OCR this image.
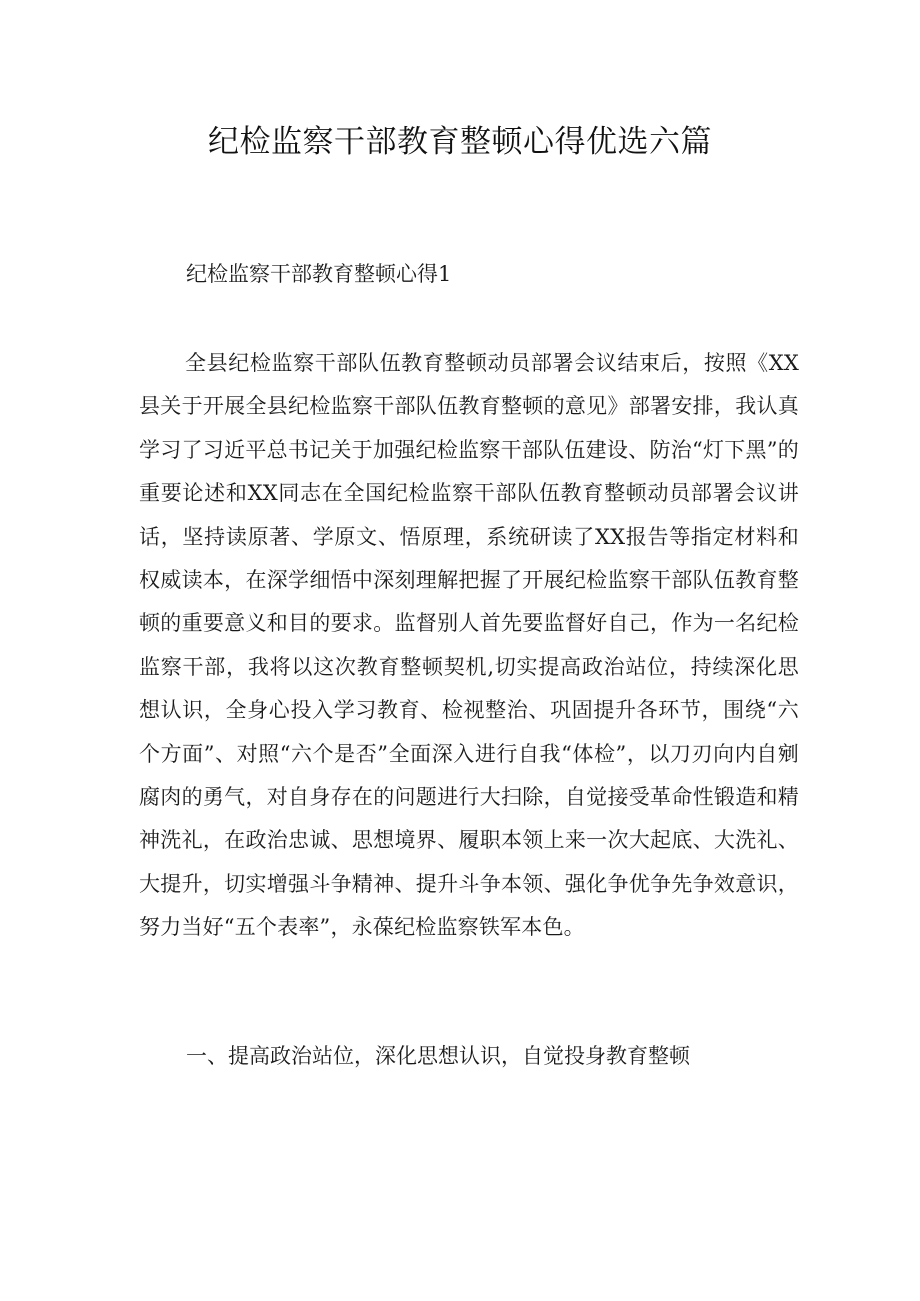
纪检监察干部教育整顿心得优选六篇
纪检监察干部教育整顿心得1

全县纪检监察干部队伍教育整顿动员部署会议结束后，按照《XX县关于开展全县纪检监察干部队伍教育整顿的意见》部署安排，我认真学习了习近平总书记关于加强纪检监察干部队伍建设、防治“灯下黑”的重要论述和XX同志在全国纪检监察干部队伍教育整顿动员部署会议讲话，坚持读原著、学原文、悟原理，系统研读了XX报告等指定材料和权威读本，在深学细悟中深刻理解把握了开展纪检监察干部队伍教育整顿的重要意义和目的要求。监督别人首先要监督好自己，作为一名纪检监察干部，我将以这次教育整顿契机,切实提高政治站位，持续深化思想认识，全身心投入学习教育、检视整治、巩固提升各环节，围绕“六个方面”、对照“六个是否”全面深入进行自我“体检”，以刀刃向内自剜腐肉的勇气，对自身存在的问题进行大扫除，自觉接受革命性锻造和精神洗礼，在政治忠诚、思想境界、履职本领上来一次大起底、大洗礼、大提升，切实增强斗争精神、提升斗争本领、强化争优争先争效意识，努力当好“五个表率”，永葆纪检监察铁军本色。

一、提高政治站位，深化思想认识，自觉投身教育整顿
